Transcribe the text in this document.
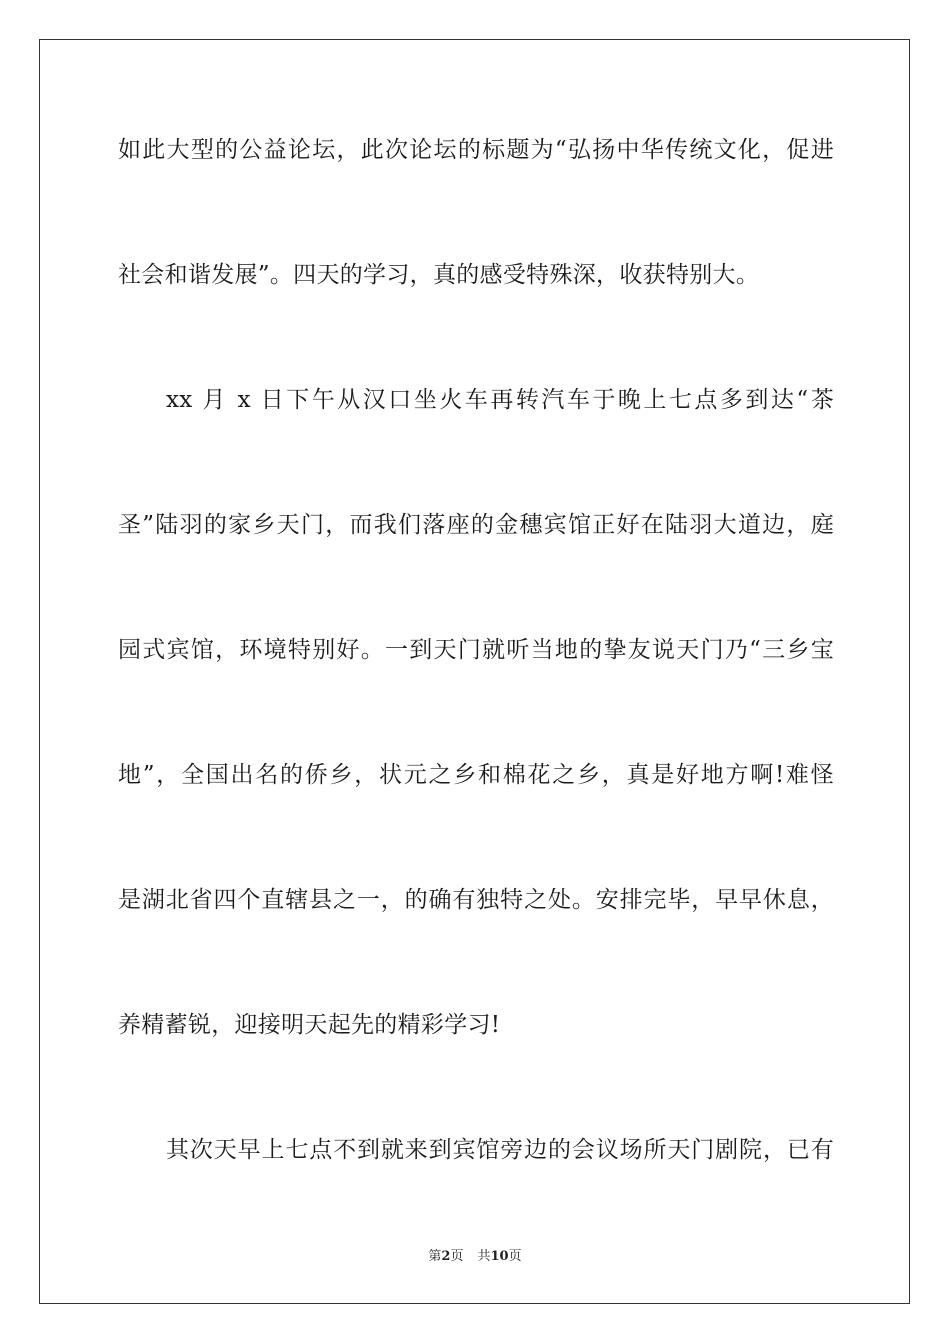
如此大型的公益论坛，此次论坛的标题为“弘扬中华传统文化，促进
社会和谐发展”。四天的学习，真的感受特殊深，收获特别大。
xx 月 x 日下午从汉口坐火车再转汽车于晚上七点多到达“茶
圣”陆羽的家乡天门，而我们落座的金穗宾馆正好在陆羽大道边，庭
园式宾馆，环境特别好。一到天门就听当地的挚友说天门乃“三乡宝
地”，全国出名的侨乡，状元之乡和棉花之乡，真是好地方啊!难怪
是湖北省四个直辖县之一，的确有独特之处。安排完毕，早早休息，
养精蓄锐，迎接明天起先的精彩学习!
其次天早上七点不到就来到宾馆旁边的会议场所天门剧院，已有
第2页 共10页
